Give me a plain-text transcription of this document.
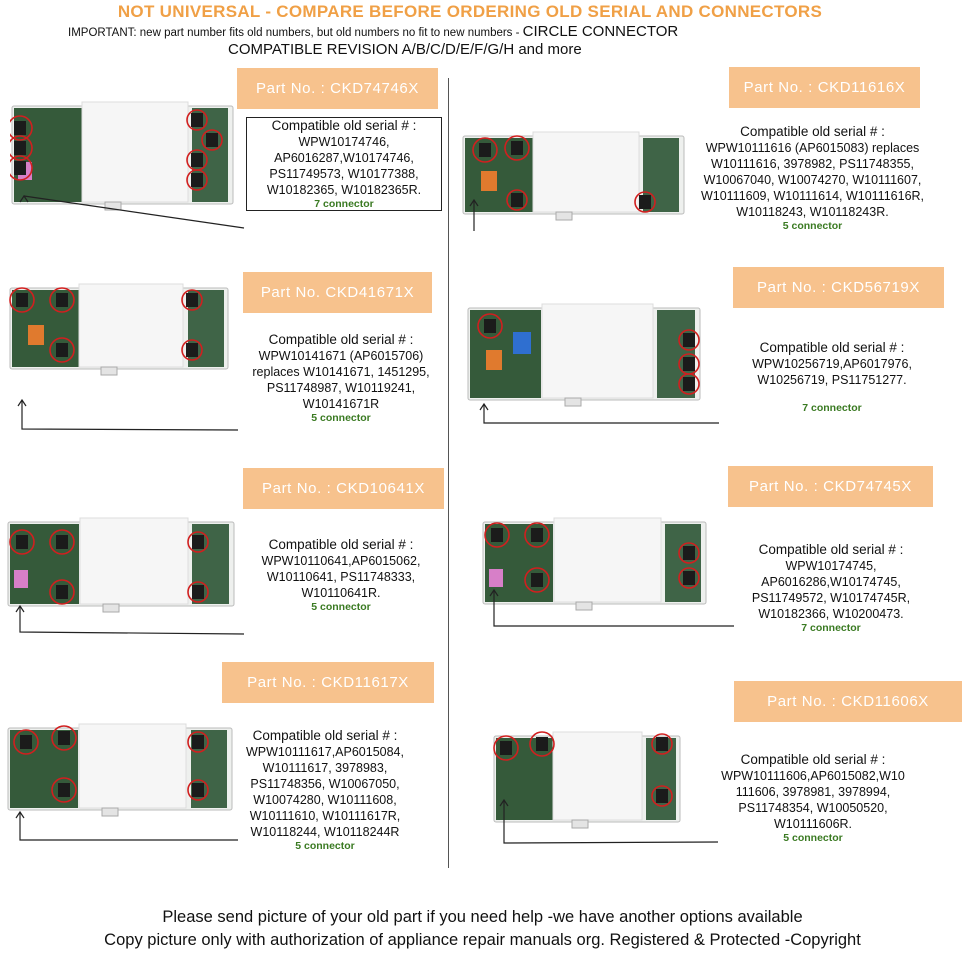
NOT UNIVERSAL - COMPARE BEFORE ORDERING OLD SERIAL AND CONNECTORS
IMPORTANT: new part number fits old numbers, but old numbers no fit to new numbers - CIRCLE CONNECTOR
COMPATIBLE REVISION A/B/C/D/E/F/G/H and more
Part No. : CKD74746X
Compatible old serial # :
WPW10174746,
AP6016287,W10174746,
PS11749573, W10177388,
W10182365, W10182365R.
7 connector
Part No. : CKD11616X
Compatible old serial # :
WPW10111616 (AP6015083) replaces
W10111616, 3978982, PS11748355,
W10067040, W10074270, W10111607,
W10111609, W10111614, W10111616R,
W10118243, W10118243R.
5 connector
Part No. CKD41671X
Compatible old serial # :
WPW10141671 (AP6015706)
replaces W10141671, 1451295,
PS11748987, W10119241,
W10141671R
5 connector
Part No. : CKD56719X
Compatible old serial # :
WPW10256719,AP6017976,
W10256719, PS11751277.
7 connector
Part No. : CKD10641X
Compatible old serial # :
WPW10110641,AP6015062,
W10110641, PS11748333,
W10110641R.
5 connector
Part No. : CKD74745X
Compatible old serial # :
WPW10174745,
AP6016286,W10174745,
PS11749572, W10174745R,
W10182366, W10200473.
7 connector
Part No. : CKD11617X
Compatible old serial # :
WPW10111617,AP6015084,
W10111617, 3978983,
PS11748356, W10067050,
W10074280, W10111608,
W10111610, W10111617R,
W10118244, W10118244R
5 connector
Part No. : CKD11606X
Compatible old serial # :
WPW10111606,AP6015082,W10
111606, 3978981, 3978994,
PS11748354, W10050520,
W10111606R.
5 connector
Please send picture of your old part if you need help -we have another options available
Copy picture only with authorization of appliance repair manuals org. Registered & Protected -Copyright
